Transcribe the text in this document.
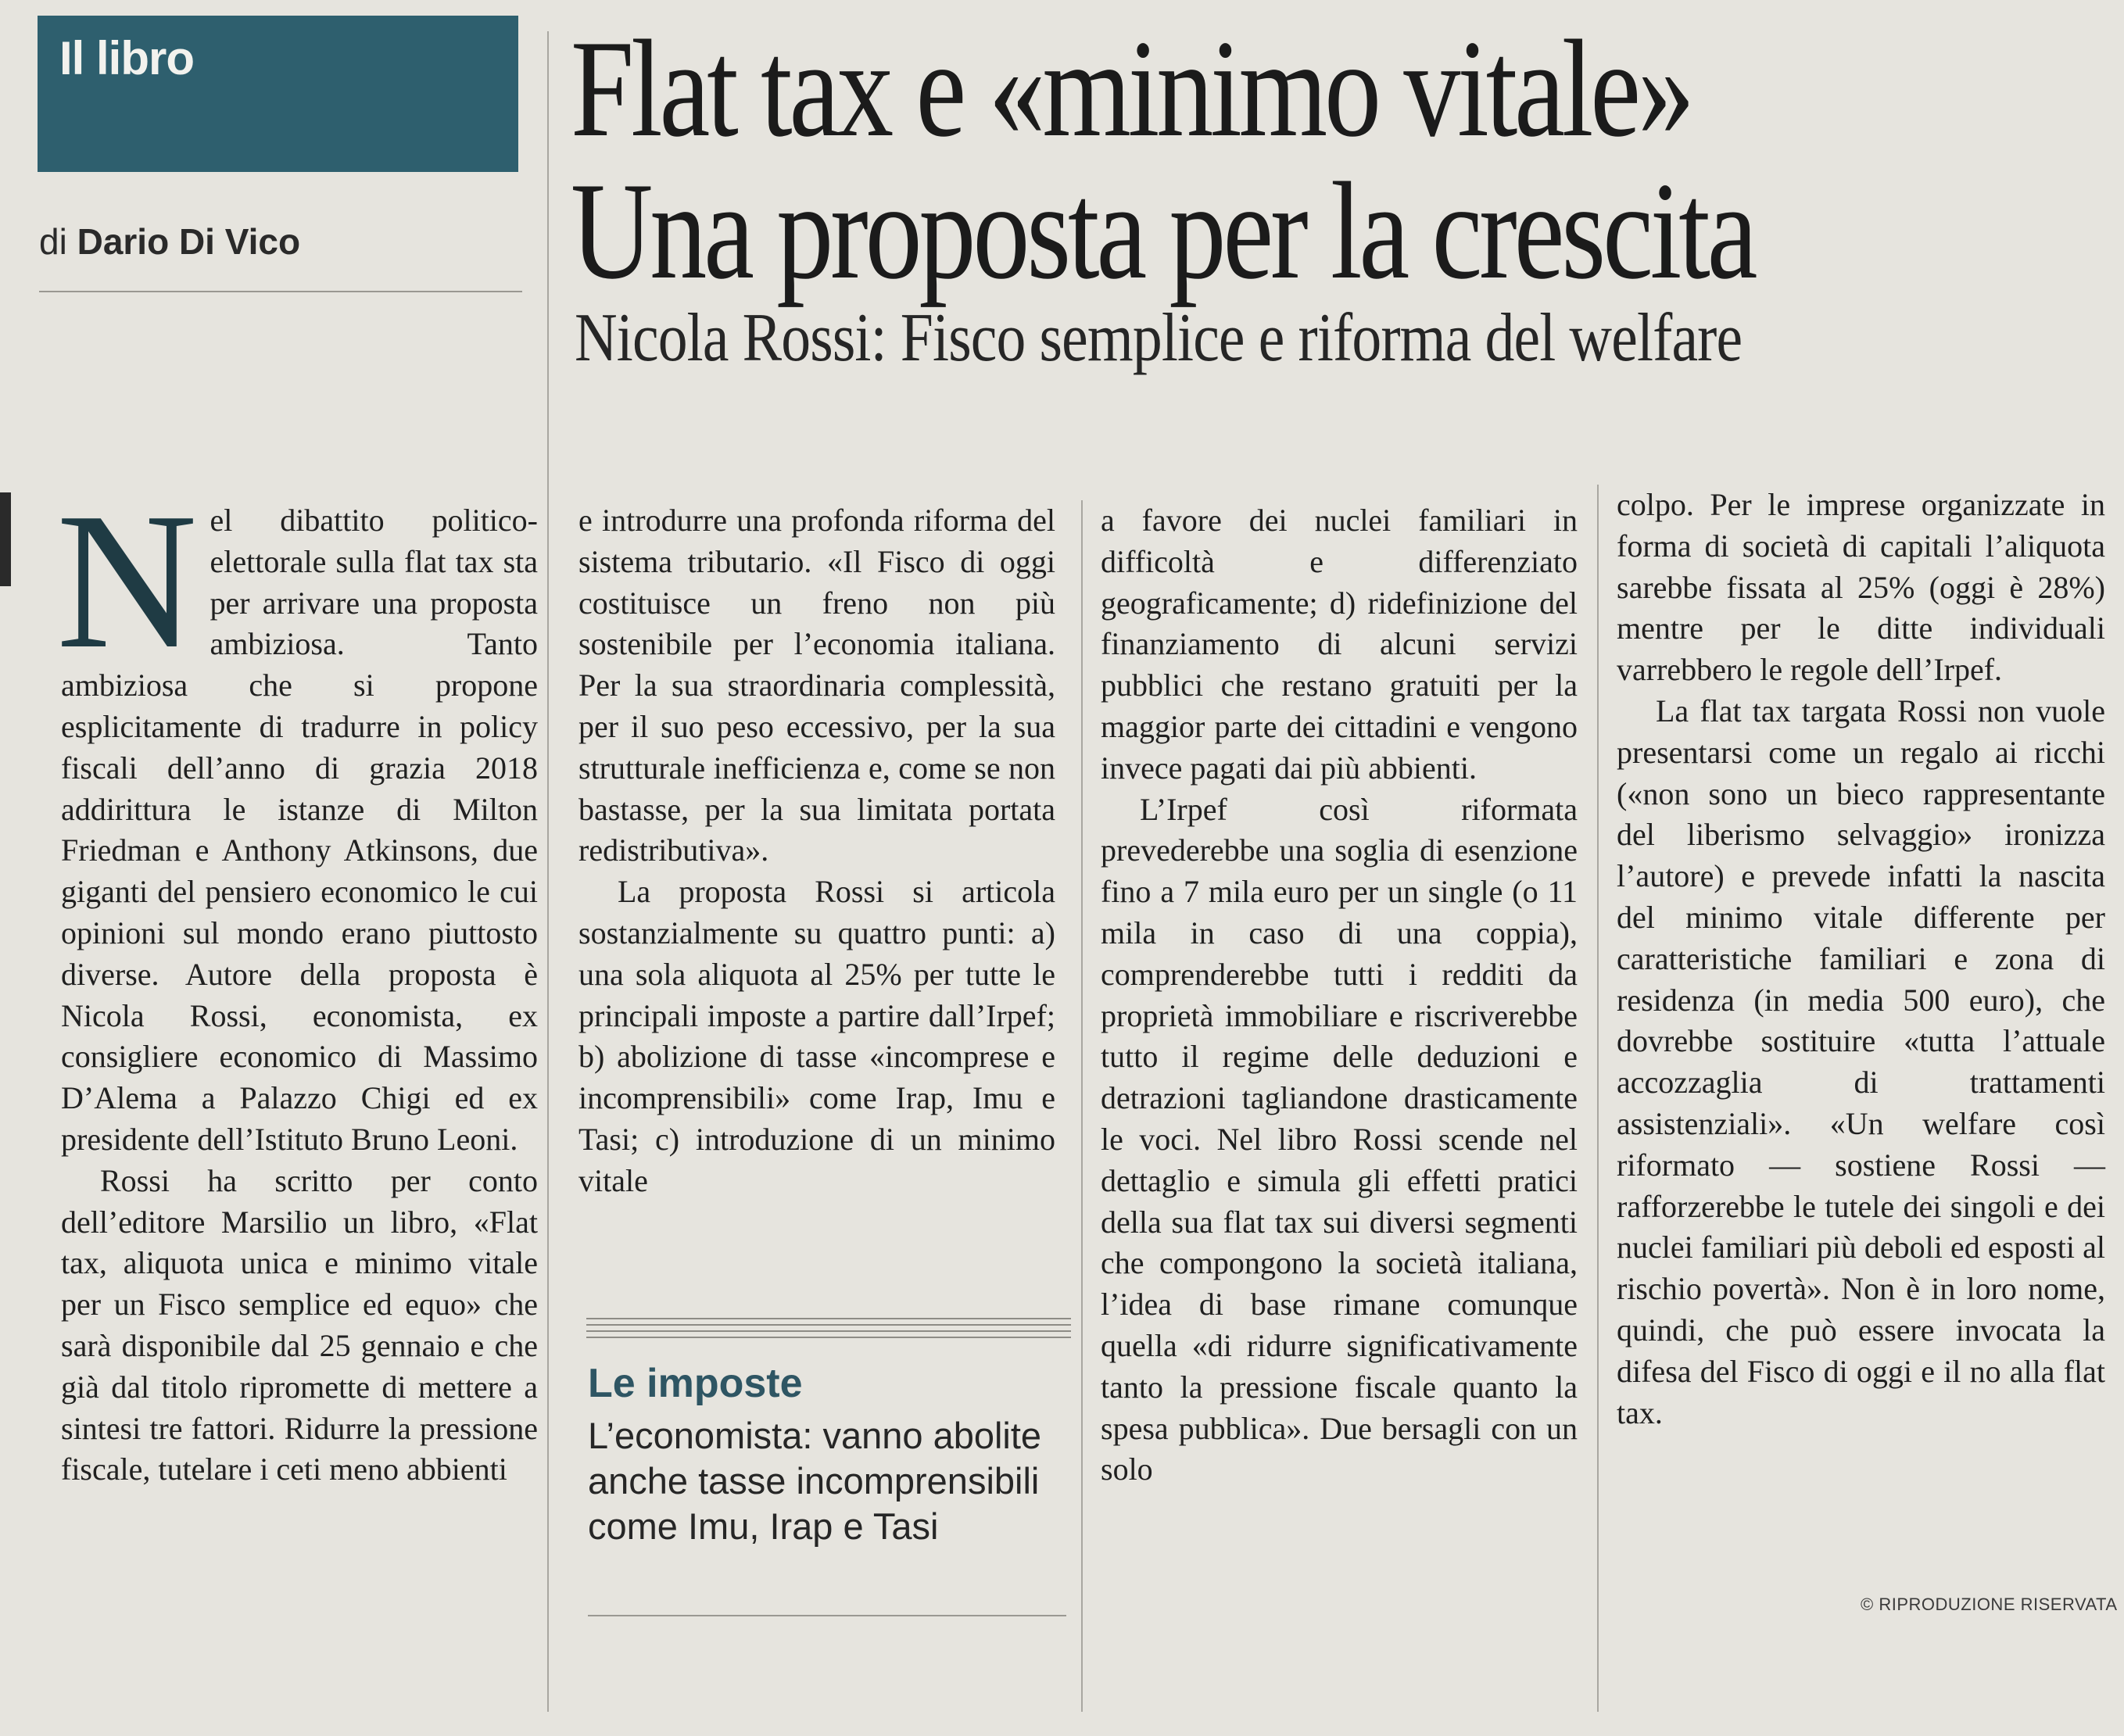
Il libro
di Dario Di Vico
Flat tax e «minimo vitale»
Una proposta per la crescita
Nicola Rossi: Fisco semplice e riforma del welfare

Nel dibattito politico-elettorale sulla flat tax sta per arrivare una proposta ambiziosa. Tanto ambiziosa che si propone esplicitamente di tradurre in policy fiscali dell’anno di grazia 2018 addirittura le istanze di Milton Friedman e Anthony Atkinsons, due giganti del pensiero economico le cui opinioni sul mondo erano piuttosto diverse. Autore della proposta è Nicola Rossi, economista, ex consigliere economico di Massimo D’Alema a Palazzo Chigi ed ex presidente dell’Istituto Bruno Leoni.

Rossi ha scritto per conto dell’editore Marsilio un libro, «Flat tax, aliquota unica e minimo vitale per un Fisco semplice ed equo» che sarà disponibile dal 25 gennaio e che già dal titolo ripromette di mettere a sintesi tre fattori. Ridurre la pressione fiscale, tutelare i ceti meno abbienti

e introdurre una profonda riforma del sistema tributario. «Il Fisco di oggi costituisce un freno non più sostenibile per l’economia italiana. Per la sua straordinaria complessità, per il suo peso eccessivo, per la sua strutturale inefficienza e, come se non bastasse, per la sua limitata portata redistributiva».

La proposta Rossi si articola sostanzialmente su quattro punti: a) una sola aliquota al 25% per tutte le principali imposte a partire dall’Irpef; b) abolizione di tasse «incomprese e incomprensibili» come Irap, Imu e Tasi; c) introduzione di un minimo vitale

Le imposte
L’economista: vanno abolite anche tasse incomprensibili come Imu, Irap e Tasi

a favore dei nuclei familiari in difficoltà e differenziato geograficamente; d) ridefinizione del finanziamento di alcuni servizi pubblici che restano gratuiti per la maggior parte dei cittadini e vengono invece pagati dai più abbienti.

L’Irpef così riformata prevederebbe una soglia di esenzione fino a 7 mila euro per un single (o 11 mila in caso di una coppia), comprenderebbe tutti i redditi da proprietà immobiliare e riscriverebbe tutto il regime delle deduzioni e detrazioni tagliandone drasticamente le voci. Nel libro Rossi scende nel dettaglio e simula gli effetti pratici della sua flat tax sui diversi segmenti che compongono la società italiana, l’idea di base rimane comunque quella «di ridurre significativamente tanto la pressione fiscale quanto la spesa pubblica». Due bersagli con un solo

colpo. Per le imprese organizzate in forma di società di capitali l’aliquota sarebbe fissata al 25% (oggi è 28%) mentre per le ditte individuali varrebbero le regole dell’Irpef.

La flat tax targata Rossi non vuole presentarsi come un regalo ai ricchi («non sono un bieco rappresentante del liberismo selvaggio» ironizza l’autore) e prevede infatti la nascita del minimo vitale differente per caratteristiche familiari e zona di residenza (in media 500 euro), che dovrebbe sostituire «tutta l’attuale accozzaglia di trattamenti assistenziali». «Un welfare così riformato — sostiene Rossi — rafforzerebbe le tutele dei singoli e dei nuclei familiari più deboli ed esposti al rischio povertà». Non è in loro nome, quindi, che può essere invocata la difesa del Fisco di oggi e il no alla flat tax.

© RIPRODUZIONE RISERVATA
